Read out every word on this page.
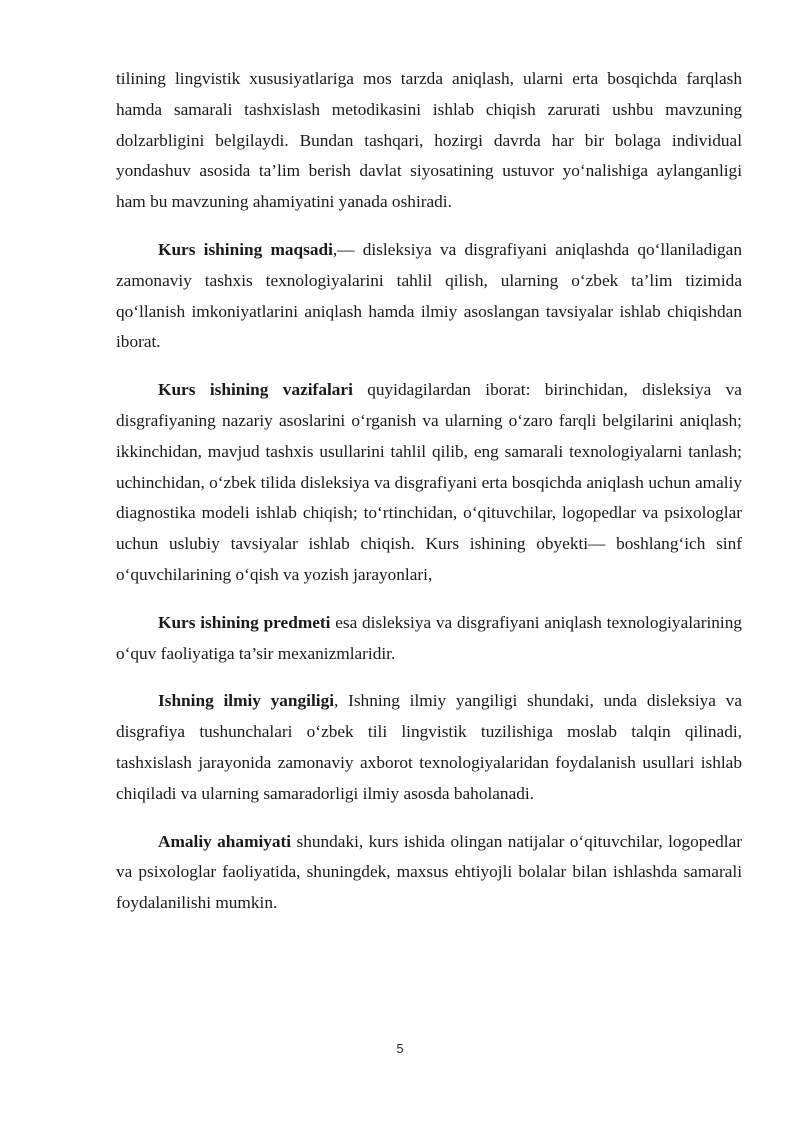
tilining lingvistik xususiyatlariga mos tarzda aniqlash, ularni erta bosqichda farqlash hamda samarali tashxislash metodikasini ishlab chiqish zarurati ushbu mavzuning dolzarbligini belgilaydi. Bundan tashqari, hozirgi davrda har bir bolaga individual yondashuv asosida ta’lim berish davlat siyosatining ustuvor yo‘nalishiga aylanganligi ham bu mavzuning ahamiyatini yanada oshiradi.

Kurs ishining maqsadi,— disleksiya va disgrafiyani aniqlashda qo‘llaniladigan zamonaviy tashxis texnologiyalarini tahlil qilish, ularning o‘zbek ta’lim tizimida qo‘llanish imkoniyatlarini aniqlash hamda ilmiy asoslangan tavsiyalar ishlab chiqishdan iborat.

Kurs ishining vazifalari quyidagilardan iborat: birinchidan, disleksiya va disgrafiyaning nazariy asoslarini o‘rganish va ularning o‘zaro farqli belgilarini aniqlash; ikkinchidan, mavjud tashxis usullarini tahlil qilib, eng samarali texnologiyalarni tanlash; uchinchidan, o‘zbek tilida disleksiya va disgrafiyani erta bosqichda aniqlash uchun amaliy diagnostika modeli ishlab chiqish; to‘rtinchidan, o‘qituvchilar, logopedlar va psixologlar uchun uslubiy tavsiyalar ishlab chiqish. Kurs ishining obyekti— boshlang‘ich sinf o‘quvchilarining o‘qish va yozish jarayonlari,

Kurs ishining predmeti esa disleksiya va disgrafiyani aniqlash texnologiyalarining o‘quv faoliyatiga ta’sir mexanizmlaridir.

Ishning ilmiy yangiligi, Ishning ilmiy yangiligi shundaki, unda disleksiya va disgrafiya tushunchalari o‘zbek tili lingvistik tuzilishiga moslab talqin qilinadi, tashxislash jarayonida zamonaviy axborot texnologiyalaridan foydalanish usullari ishlab chiqiladi va ularning samaradorligi ilmiy asosda baholanadi.

Amaliy ahamiyati shundaki, kurs ishida olingan natijalar o‘qituvchilar, logopedlar va psixologlar faoliyatida, shuningdek, maxsus ehtiyojli bolalar bilan ishlashda samarali foydalanilishi mumkin.

5
